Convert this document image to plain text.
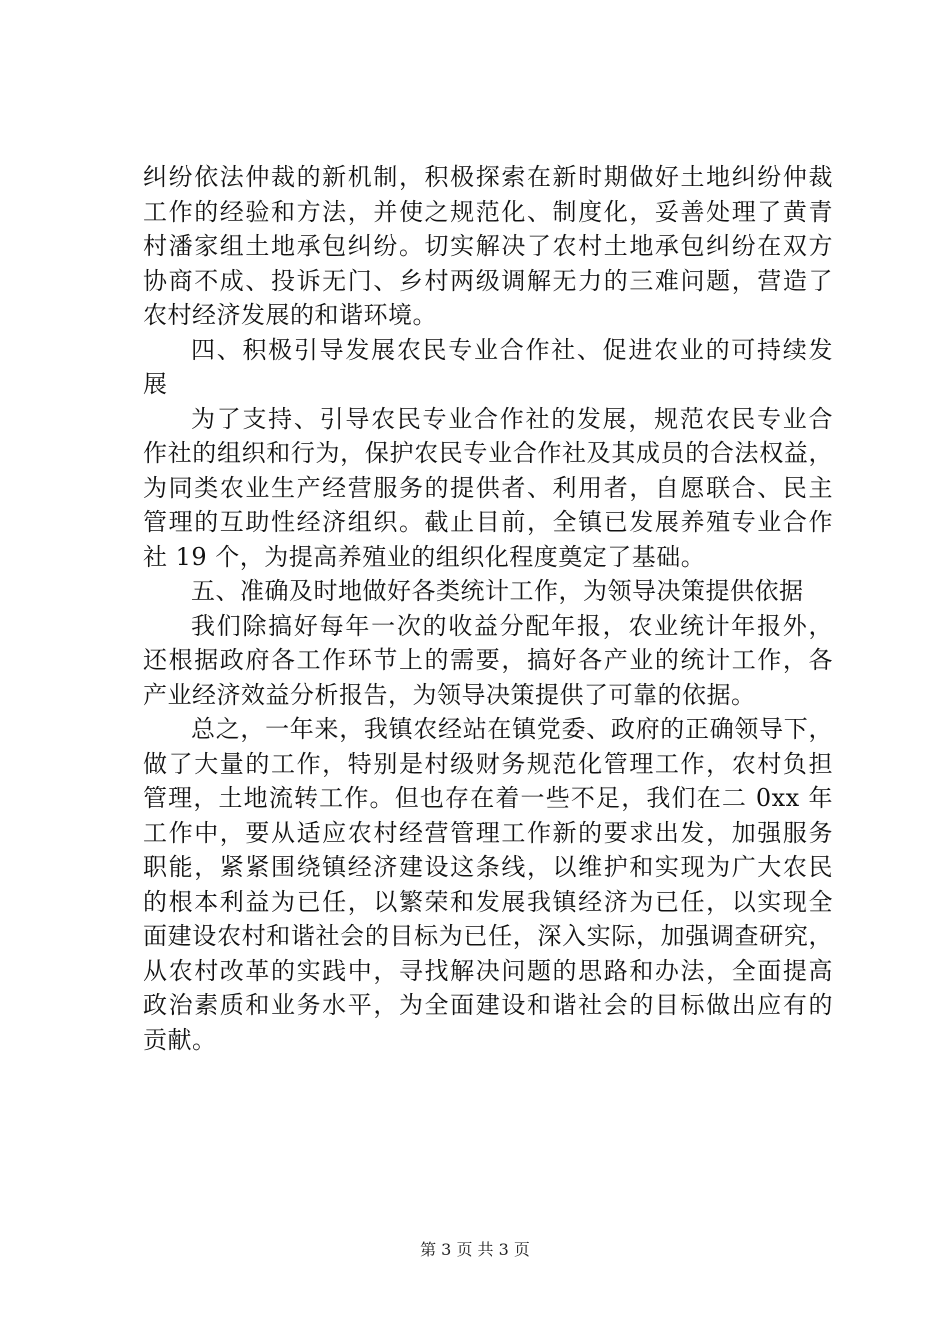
纠纷依法仲裁的新机制，积极探索在新时期做好土地纠纷仲裁
工作的经验和方法，并使之规范化、制度化，妥善处理了黄青
村潘家组土地承包纠纷。切实解决了农村土地承包纠纷在双方
协商不成、投诉无门、乡村两级调解无力的三难问题，营造了
农村经济发展的和谐环境。
四、积极引导发展农民专业合作社、促进农业的可持续发
展
为了支持、引导农民专业合作社的发展，规范农民专业合
作社的组织和行为，保护农民专业合作社及其成员的合法权益，
为同类农业生产经营服务的提供者、利用者，自愿联合、民主
管理的互助性经济组织。截止目前，全镇已发展养殖专业合作
社 19 个，为提高养殖业的组织化程度奠定了基础。
五、准确及时地做好各类统计工作，为领导决策提供依据
我们除搞好每年一次的收益分配年报，农业统计年报外，
还根据政府各工作环节上的需要，搞好各产业的统计工作，各
产业经济效益分析报告，为领导决策提供了可靠的依据。
总之，一年来，我镇农经站在镇党委、政府的正确领导下，
做了大量的工作，特别是村级财务规范化管理工作，农村负担
管理，土地流转工作。但也存在着一些不足，我们在二 0xx 年
工作中，要从适应农村经营管理工作新的要求出发，加强服务
职能，紧紧围绕镇经济建设这条线，以维护和实现为广大农民
的根本利益为已任，以繁荣和发展我镇经济为已任，以实现全
面建设农村和谐社会的目标为已任，深入实际，加强调查研究，
从农村改革的实践中，寻找解决问题的思路和办法，全面提高
政治素质和业务水平，为全面建设和谐社会的目标做出应有的
贡献。
第 3 页 共 3 页
